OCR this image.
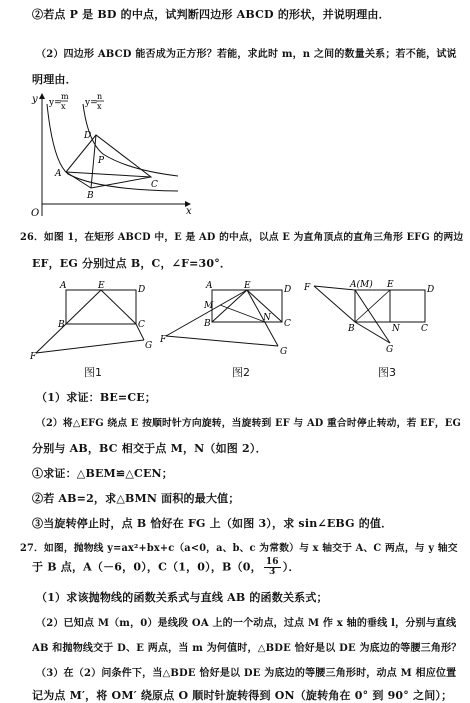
②若点 P 是 BD 的中点，试判断四边形 ABCD 的形状，并说明理由．
（2）四边形 ABCD 能否成为正方形？若能，求此时 m，n 之间的数量关系；若不能，试说
明理由．
y
x
O
y=
m
x y=
n
x
D
P
A
B
C
26．如图 1，在矩形 ABCD 中，E 是 AD 的中点，以点 E 为直角顶点的直角三角形 EFG 的两边
EF，EG 分别过点 B，C，∠F=30°．
A	E	D
B	C
F
G
图1
A	E	D
M
B
N
C
F
G
图2
F	A(M) E	D
B	N C
G
图3
（1）求证：BE=CE；
（2）将△EFG 绕点 E 按顺时针方向旋转，当旋转到 EF 与 AD 重合时停止转动，若 EF，EG
分别与 AB，BC 相交于点 M，N（如图 2）．
①求证：△BEM≌△CEN；
②若 AB=2，求△BMN 面积的最大值；
③当旋转停止时，点 B 恰好在 FG 上（如图 3），求 sin∠EBG 的值．
27．如图，抛物线 y=ax²+bx+c（a<0，a、b、c 为常数）与 x 轴交于 A、C 两点，与 y 轴交
于 B 点，A（－6，0），C（1，0），B（0， $\frac{16}{3}$ ）．
（1）求该抛物线的函数关系式与直线 AB 的函数关系式；
（2）已知点 M（m，0）是线段 OA 上的一个动点，过点 M 作 x 轴的垂线 l，分别与直线
AB 和抛物线交于 D、E 两点，当 m 为何值时，△BDE 恰好是以 DE 为底边的等腰三角形？
（3）在（2）问条件下，当△BDE 恰好是以 DE 为底边的等腰三角形时，动点 M 相应位置
记为点 M′，将 OM′ 绕原点 O 顺时针旋转得到 ON（旋转角在 0° 到 90° 之间）；
